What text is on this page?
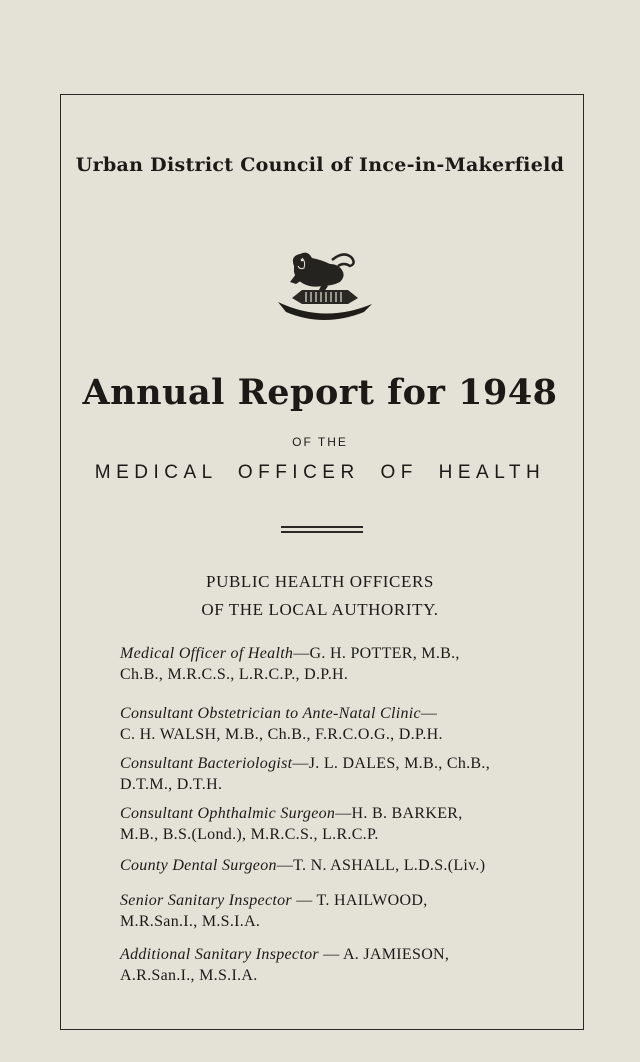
Urban District Council of Ince-in-Makerfield
Annual Report for 1948
OF THE
MEDICAL OFFICER OF HEALTH
PUBLIC HEALTH OFFICERS
OF THE LOCAL AUTHORITY.
Medical Officer of Health—G. H. POTTER, M.B.,
Ch.B., M.R.C.S., L.R.C.P., D.P.H.
Consultant Obstetrician to Ante-Natal Clinic—
C. H. WALSH, M.B., Ch.B., F.R.C.O.G., D.P.H.
Consultant Bacteriologist—J. L. DALES, M.B., Ch.B.,
D.T.M., D.T.H.
Consultant Ophthalmic Surgeon—H. B. BARKER,
M.B., B.S.(Lond.), M.R.C.S., L.R.C.P.
County Dental Surgeon—T. N. ASHALL, L.D.S.(Liv.)
Senior Sanitary Inspector — T. HAILWOOD,
M.R.San.I., M.S.I.A.
Additional Sanitary Inspector — A. JAMIESON,
A.R.San.I., M.S.I.A.
